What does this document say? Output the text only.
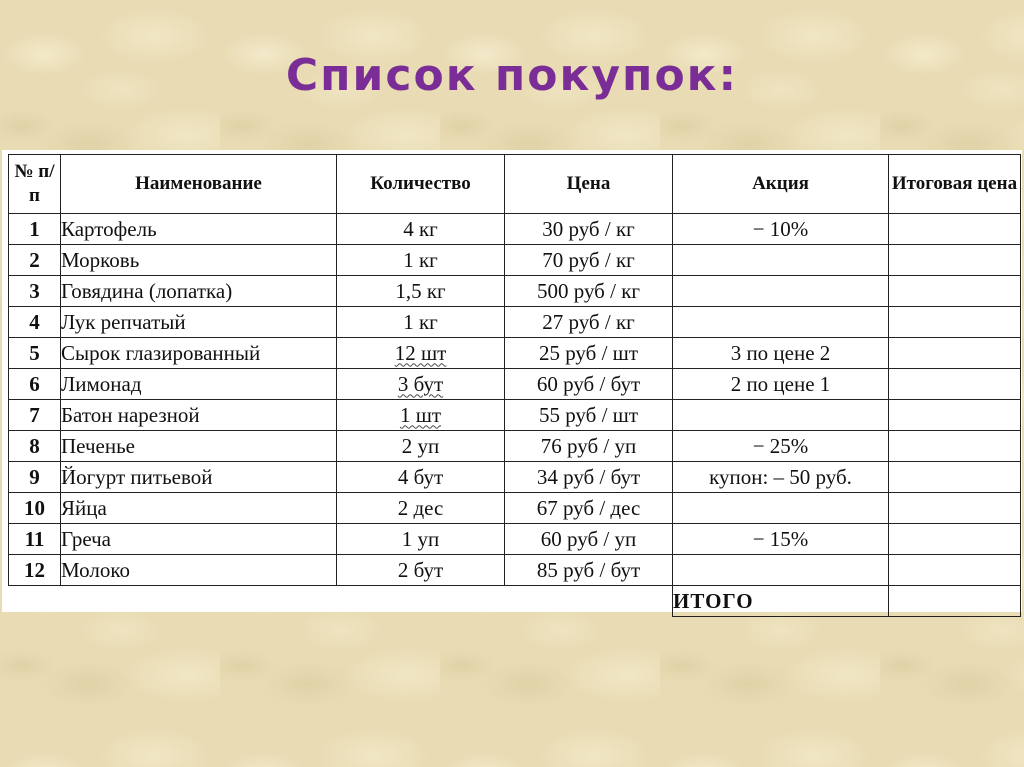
Список покупок:
№ п/п	Наименование	Количество	Цена	Акция	Итоговая цена
1	Картофель	4 кг	30 руб / кг	− 10%	
2	Морковь	1 кг	70 руб / кг		
3	Говядина (лопатка)	1,5 кг	500 руб / кг		
4	Лук репчатый	1 кг	27 руб / кг		
5	Сырок глазированный	12 шт	25 руб / шт	3 по цене 2	
6	Лимонад	3 бут	60 руб / бут	2 по цене 1	
7	Батон нарезной	1 шт	55 руб / шт		
8	Печенье	2 уп	76 руб / уп	− 25%	
9	Йогурт питьевой	4 бут	34 руб / бут	купон: – 50 руб.	
10	Яйца	2 дес	67 руб / дес		
11	Греча	1 уп	60 руб / уп	− 15%	
12	Молоко	2 бут	85 руб / бут		
				ИТОГО	
